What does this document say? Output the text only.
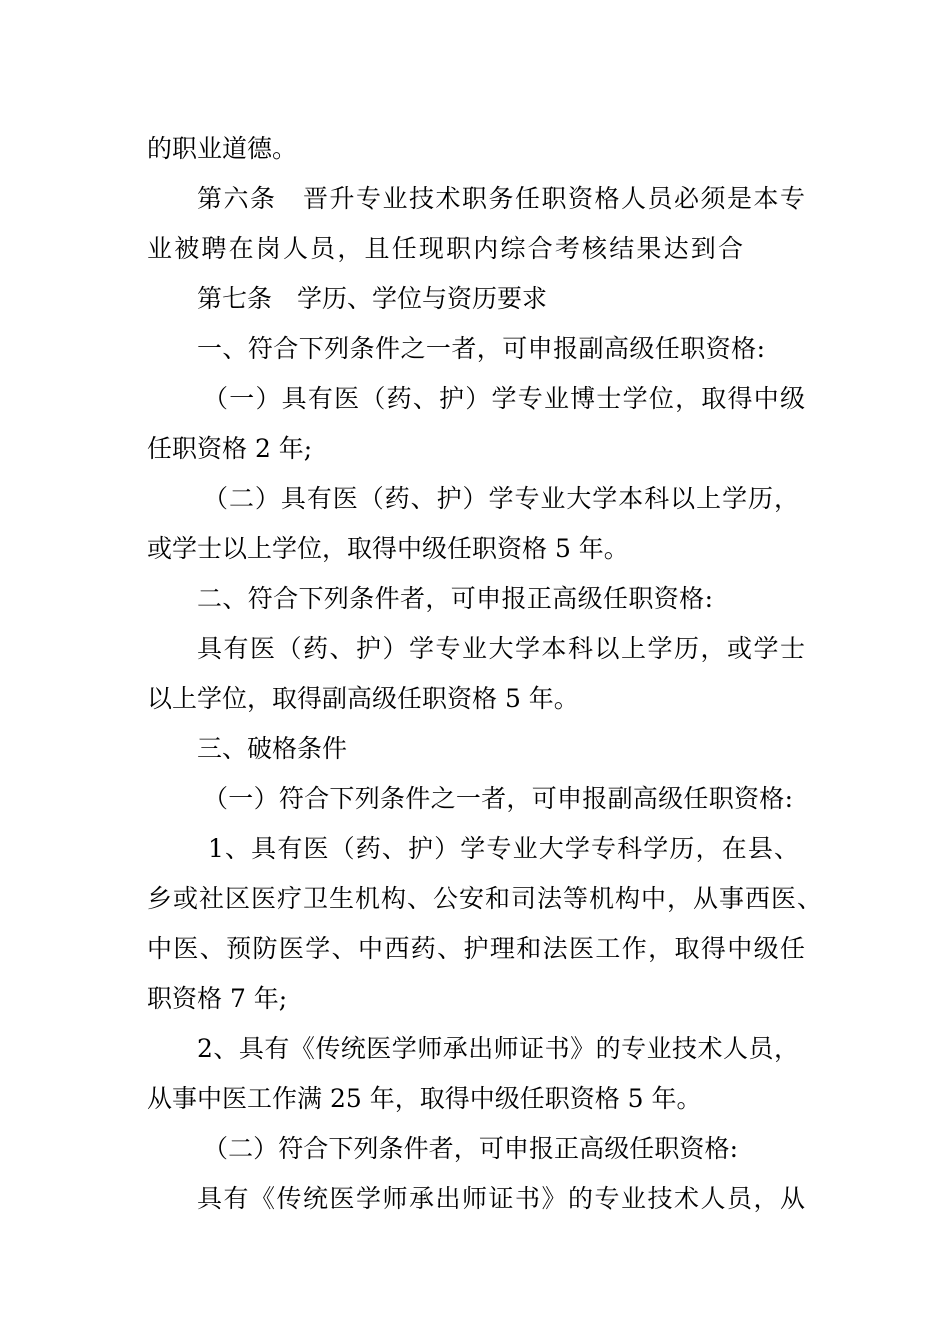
的职业道德。
第六条　晋升专业技术职务任职资格人员必须是本专
业被聘在岗人员，且任现职内综合考核结果达到合
第七条　学历、学位与资历要求
一、符合下列条件之一者，可申报副高级任职资格:
（一）具有医（药、护）学专业博士学位，取得中级
任职资格 2 年;
（二）具有医（药、护）学专业大学本科以上学历，
或学士以上学位，取得中级任职资格 5 年。
二、符合下列条件者，可申报正高级任职资格:
具有医（药、护）学专业大学本科以上学历，或学士
以上学位，取得副高级任职资格 5 年。
三、破格条件
（一）符合下列条件之一者，可申报副高级任职资格:
1、具有医（药、护）学专业大学专科学历，在县、
乡或社区医疗卫生机构、公安和司法等机构中，从事西医、
中医、预防医学、中西药、护理和法医工作，取得中级任
职资格 7 年;
2、具有《传统医学师承出师证书》的专业技术人员，
从事中医工作满 25 年，取得中级任职资格 5 年。
（二）符合下列条件者，可申报正高级任职资格:
具有《传统医学师承出师证书》的专业技术人员，从
